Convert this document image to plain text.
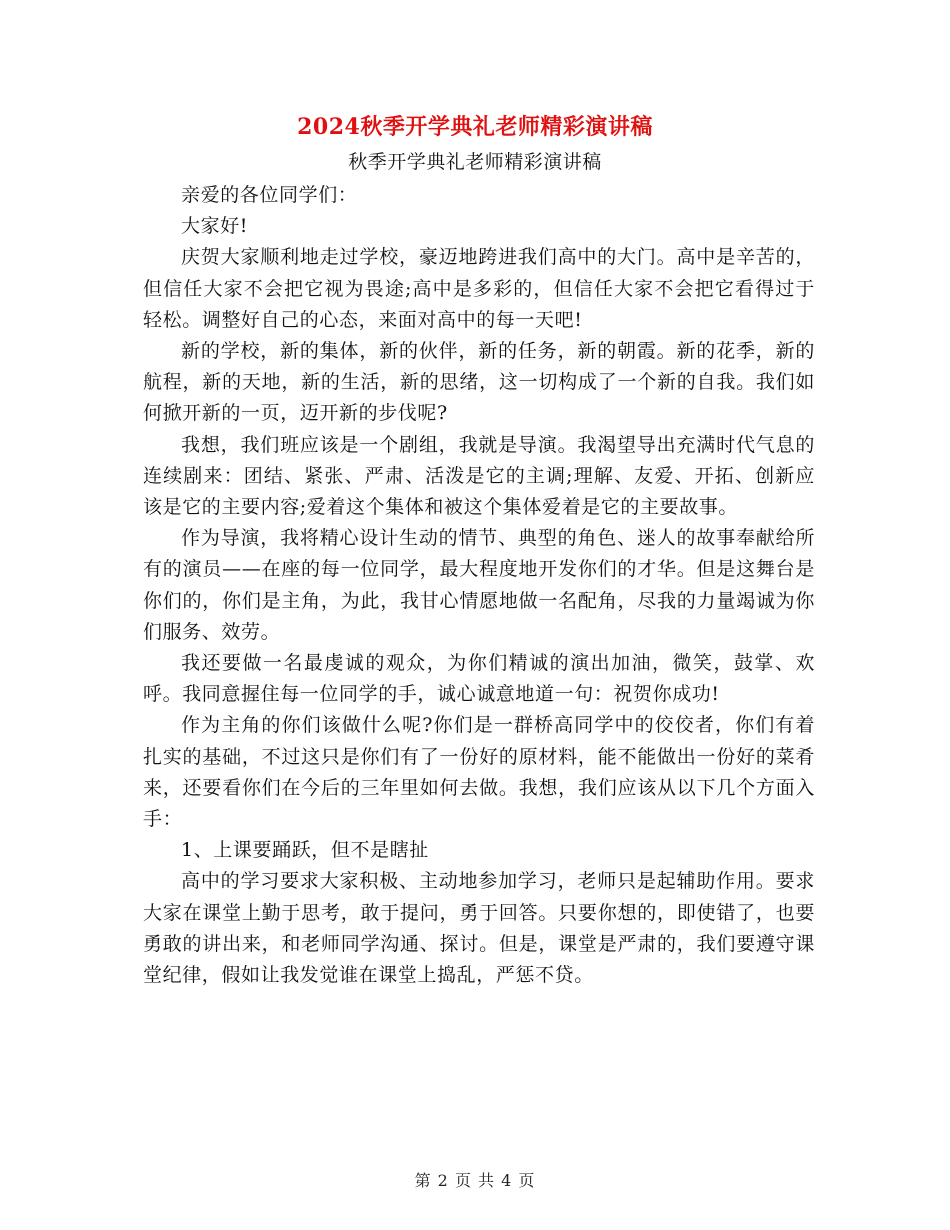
2024秋季开学典礼老师精彩演讲稿
秋季开学典礼老师精彩演讲稿

亲爱的各位同学们：

大家好!

庆贺大家顺利地走过学校，豪迈地跨进我们高中的大门。高中是辛苦的，但信任大家不会把它视为畏途;高中是多彩的，但信任大家不会把它看得过于轻松。调整好自己的心态，来面对高中的每一天吧!

新的学校，新的集体，新的伙伴，新的任务，新的朝霞。新的花季，新的航程，新的天地，新的生活，新的思绪，这一切构成了一个新的自我。我们如何掀开新的一页，迈开新的步伐呢?

我想，我们班应该是一个剧组，我就是导演。我渴望导出充满时代气息的连续剧来：团结、紧张、严肃、活泼是它的主调;理解、友爱、开拓、创新应该是它的主要内容;爱着这个集体和被这个集体爱着是它的主要故事。

作为导演，我将精心设计生动的情节、典型的角色、迷人的故事奉献给所有的演员——在座的每一位同学，最大程度地开发你们的才华。但是这舞台是你们的，你们是主角，为此，我甘心情愿地做一名配角，尽我的力量竭诚为你们服务、效劳。

我还要做一名最虔诚的观众，为你们精诚的演出加油，微笑，鼓掌、欢呼。我同意握住每一位同学的手，诚心诚意地道一句：祝贺你成功!

作为主角的你们该做什么呢?你们是一群桥高同学中的佼佼者，你们有着扎实的基础，不过这只是你们有了一份好的原材料，能不能做出一份好的菜肴来，还要看你们在今后的三年里如何去做。我想，我们应该从以下几个方面入手：

1、上课要踊跃，但不是瞎扯

高中的学习要求大家积极、主动地参加学习，老师只是起辅助作用。要求大家在课堂上勤于思考，敢于提问，勇于回答。只要你想的，即使错了，也要勇敢的讲出来，和老师同学沟通、探讨。但是，课堂是严肃的，我们要遵守课堂纪律，假如让我发觉谁在课堂上捣乱，严惩不贷。

第 2 页 共 4 页
